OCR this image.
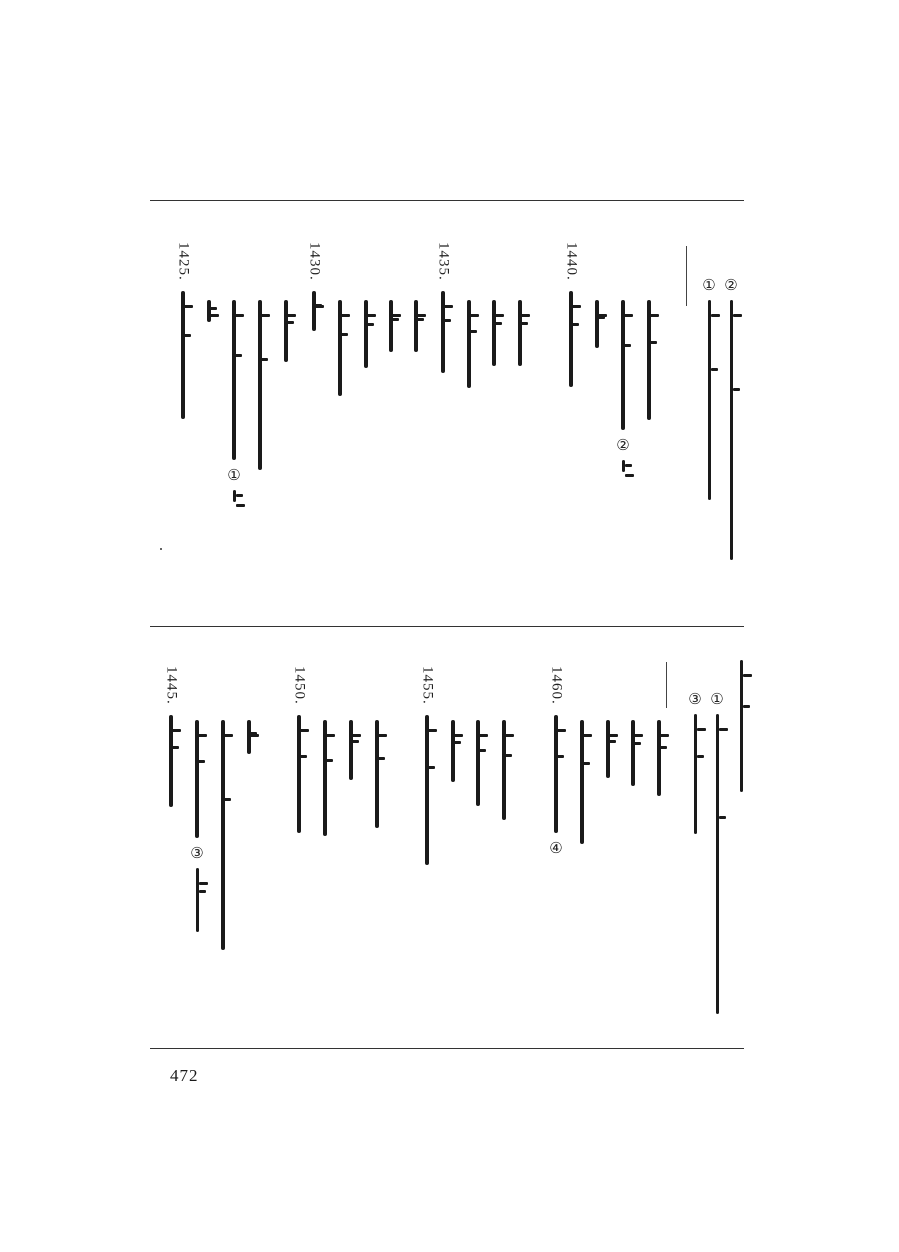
1425.
①
1430.	1435.	1440.
②
① ②
1445.
③
1450.	1455.	1460.
④
③ ①
472
